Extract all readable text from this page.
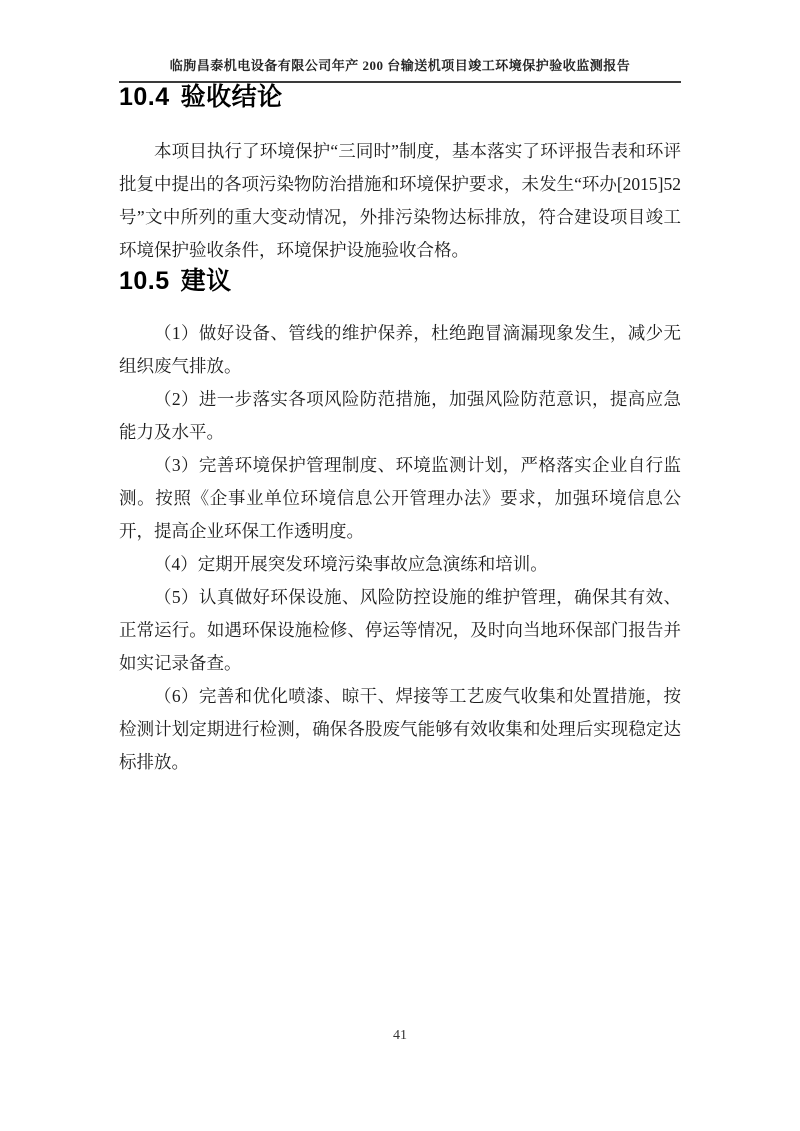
临朐昌泰机电设备有限公司年产 200 台输送机项目竣工环境保护验收监测报告
10.4 验收结论

本项目执行了环境保护“三同时”制度，基本落实了环评报告表和环评批复中提出的各项污染物防治措施和环境保护要求，未发生“环办[2015]52 号”文中所列的重大变动情况，外排污染物达标排放，符合建设项目竣工环境保护验收条件，环境保护设施验收合格。

10.5 建议

（1）做好设备、管线的维护保养，杜绝跑冒滴漏现象发生，减少无组织废气排放。

（2）进一步落实各项风险防范措施，加强风险防范意识，提高应急能力及水平。

（3）完善环境保护管理制度、环境监测计划，严格落实企业自行监测。按照《企事业单位环境信息公开管理办法》要求，加强环境信息公开，提高企业环保工作透明度。

（4）定期开展突发环境污染事故应急演练和培训。

（5）认真做好环保设施、风险防控设施的维护管理，确保其有效、正常运行。如遇环保设施检修、停运等情况，及时向当地环保部门报告并如实记录备查。

（6）完善和优化喷漆、晾干、焊接等工艺废气收集和处置措施，按检测计划定期进行检测，确保各股废气能够有效收集和处理后实现稳定达标排放。

41
